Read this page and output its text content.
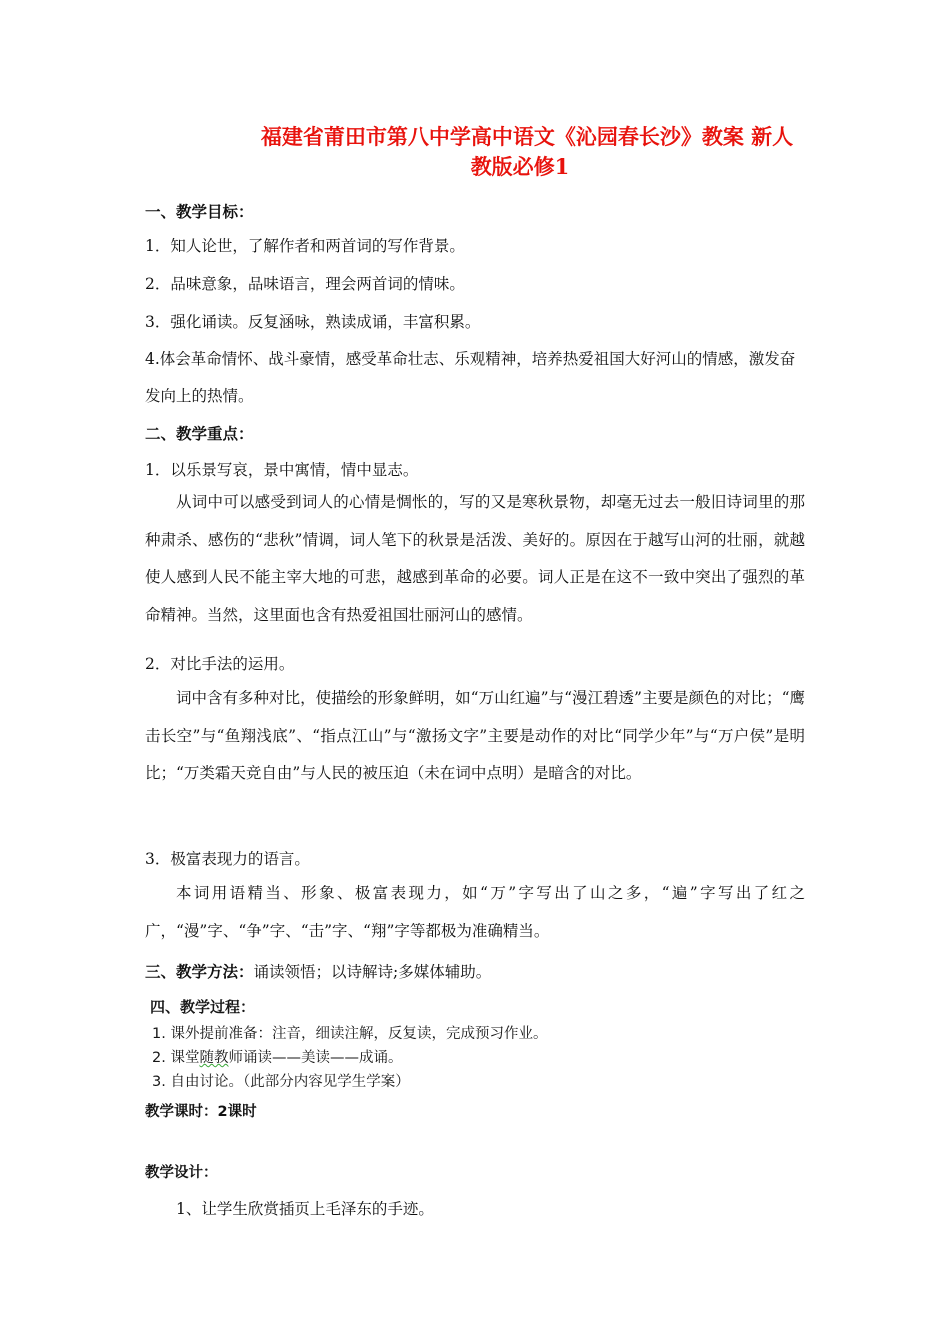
福建省莆田市第八中学高中语文《沁园春长沙》教案 新人
教版必修1
一、教学目标：
1．知人论世，了解作者和两首词的写作背景。
2．品味意象，品味语言，理会两首词的情味。
3．强化诵读。反复涵咏，熟读成诵，丰富积累。
4.体会革命情怀、战斗豪情，感受革命壮志、乐观精神，培养热爱祖国大好河山的情感，激发奋发向上的热情。
二、教学重点：
1．以乐景写哀，景中寓情，情中显志。
从词中可以感受到词人的心情是惆怅的，写的又是寒秋景物，却毫无过去一般旧诗词里的那种肃杀、感伤的“悲秋”情调，词人笔下的秋景是活泼、美好的。原因在于越写山河的壮丽，就越使人感到人民不能主宰大地的可悲，越感到革命的必要。词人正是在这不一致中突出了强烈的革命精神。当然，这里面也含有热爱祖国壮丽河山的感情。
2．对比手法的运用。
词中含有多种对比，使描绘的形象鲜明，如“万山红遍”与“漫江碧透”主要是颜色的对比；“鹰击长空”与“鱼翔浅底”、“指点江山”与“激扬文字”主要是动作的对比“同学少年”与“万户侯”是明比；“万类霜天竞自由”与人民的被压迫（未在词中点明）是暗含的对比。
3．极富表现力的语言。
本词用语精当、形象、极富表现力，如“万”字写出了山之多，“遍”字写出了红之广，“漫”字、“争”字、“击”字、“翔”字等都极为准确精当。
三、教学方法：诵读领悟；以诗解诗;多媒体辅助。
四、教学过程：
1. 课外提前准备：注音，细读注解，反复读，完成预习作业。
2. 课堂随教师诵读——美读——成诵。
3. 自由讨论。（此部分内容见学生学案）
教学课时：2课时
教学设计：
1、让学生欣赏插页上毛泽东的手迹。
